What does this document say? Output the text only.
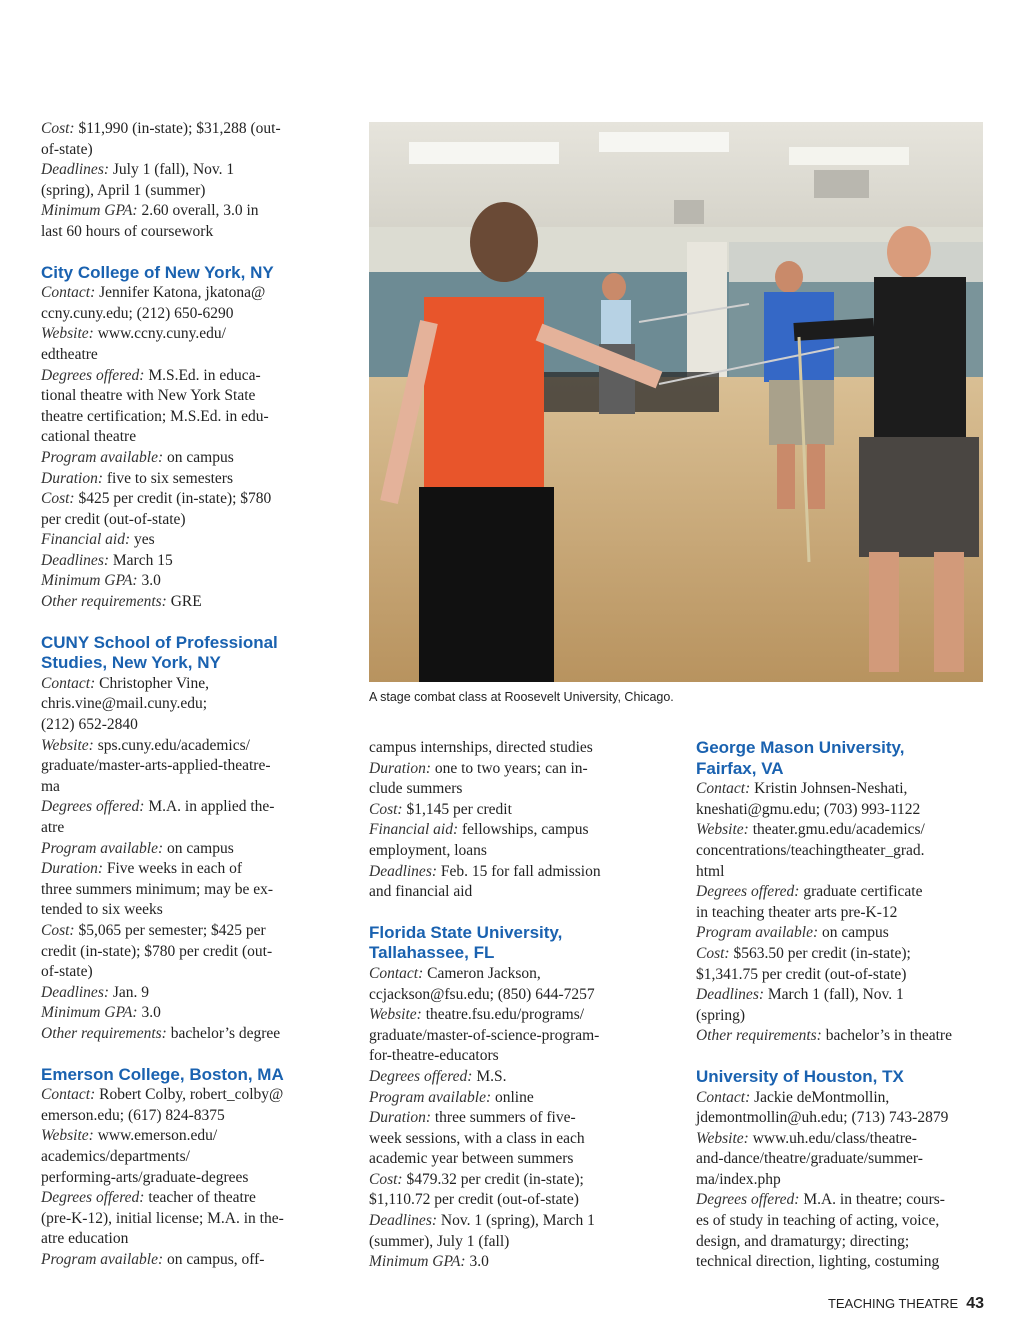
Cost: $11,990 (in-state); $31,288 (out-
of-state)
Deadlines: July 1 (fall), Nov. 1
(spring), April 1 (summer)
Minimum GPA: 2.60 overall, 3.0 in
last 60 hours of coursework
City College of New York, NY
Contact: Jennifer Katona, jkatona@
ccny.cuny.edu; (212) 650-6290
Website: www.ccny.cuny.edu/
edtheatre
Degrees offered: M.S.Ed. in educa-
tional theatre with New York State
theatre certification; M.S.Ed. in edu-
cational theatre
Program available: on campus
Duration: five to six semesters
Cost: $425 per credit (in-state); $780
per credit (out-of-state)
Financial aid: yes
Deadlines: March 15
Minimum GPA: 3.0
Other requirements: GRE
CUNY School of Professional
Studies, New York, NY
Contact: Christopher Vine,
chris.vine@mail.cuny.edu;
(212) 652-2840
Website: sps.cuny.edu/academics/
graduate/master-arts-applied-theatre-
ma
Degrees offered: M.A. in applied the-
atre
Program available: on campus
Duration: Five weeks in each of
three summers minimum; may be ex-
tended to six weeks
Cost: $5,065 per semester; $425 per
credit (in-state); $780 per credit (out-
of-state)
Deadlines: Jan. 9
Minimum GPA: 3.0
Other requirements: bachelor’s degree
Emerson College, Boston, MA
Contact: Robert Colby, robert_colby@
emerson.edu; (617) 824-8375
Website: www.emerson.edu/
academics/departments/
performing-arts/graduate-degrees
Degrees offered: teacher of theatre
(pre-K-12), initial license; M.A. in the-
atre education
Program available: on campus, off-
A stage combat class at Roosevelt University, Chicago.
campus internships, directed studies
Duration: one to two years; can in-
clude summers
Cost: $1,145 per credit
Financial aid: fellowships, campus
employment, loans
Deadlines: Feb. 15 for fall admission
and financial aid
Florida State University,
Tallahassee, FL
Contact: Cameron Jackson,
ccjackson@fsu.edu; (850) 644-7257
Website: theatre.fsu.edu/programs/
graduate/master-of-science-program-
for-theatre-educators
Degrees offered: M.S.
Program available: online
Duration: three summers of five-
week sessions, with a class in each
academic year between summers
Cost: $479.32 per credit (in-state);
$1,110.72 per credit (out-of-state)
Deadlines: Nov. 1 (spring), March 1
(summer), July 1 (fall)
Minimum GPA: 3.0
George Mason University,
Fairfax, VA
Contact: Kristin Johnsen-Neshati,
kneshati@gmu.edu; (703) 993-1122
Website: theater.gmu.edu/academics/
concentrations/teachingtheater_grad.
html
Degrees offered: graduate certificate
in teaching theater arts pre-K-12
Program available: on campus
Cost: $563.50 per credit (in-state);
$1,341.75 per credit (out-of-state)
Deadlines: March 1 (fall), Nov. 1
(spring)
Other requirements: bachelor’s in theatre
University of Houston, TX
Contact: Jackie deMontmollin,
jdemontmollin@uh.edu; (713) 743-2879
Website: www.uh.edu/class/theatre-
and-dance/theatre/graduate/summer-
ma/index.php
Degrees offered: M.A. in theatre; cours-
es of study in teaching of acting, voice,
design, and dramaturgy; directing;
technical direction, lighting, costuming
TEACHING THEATRE 43
